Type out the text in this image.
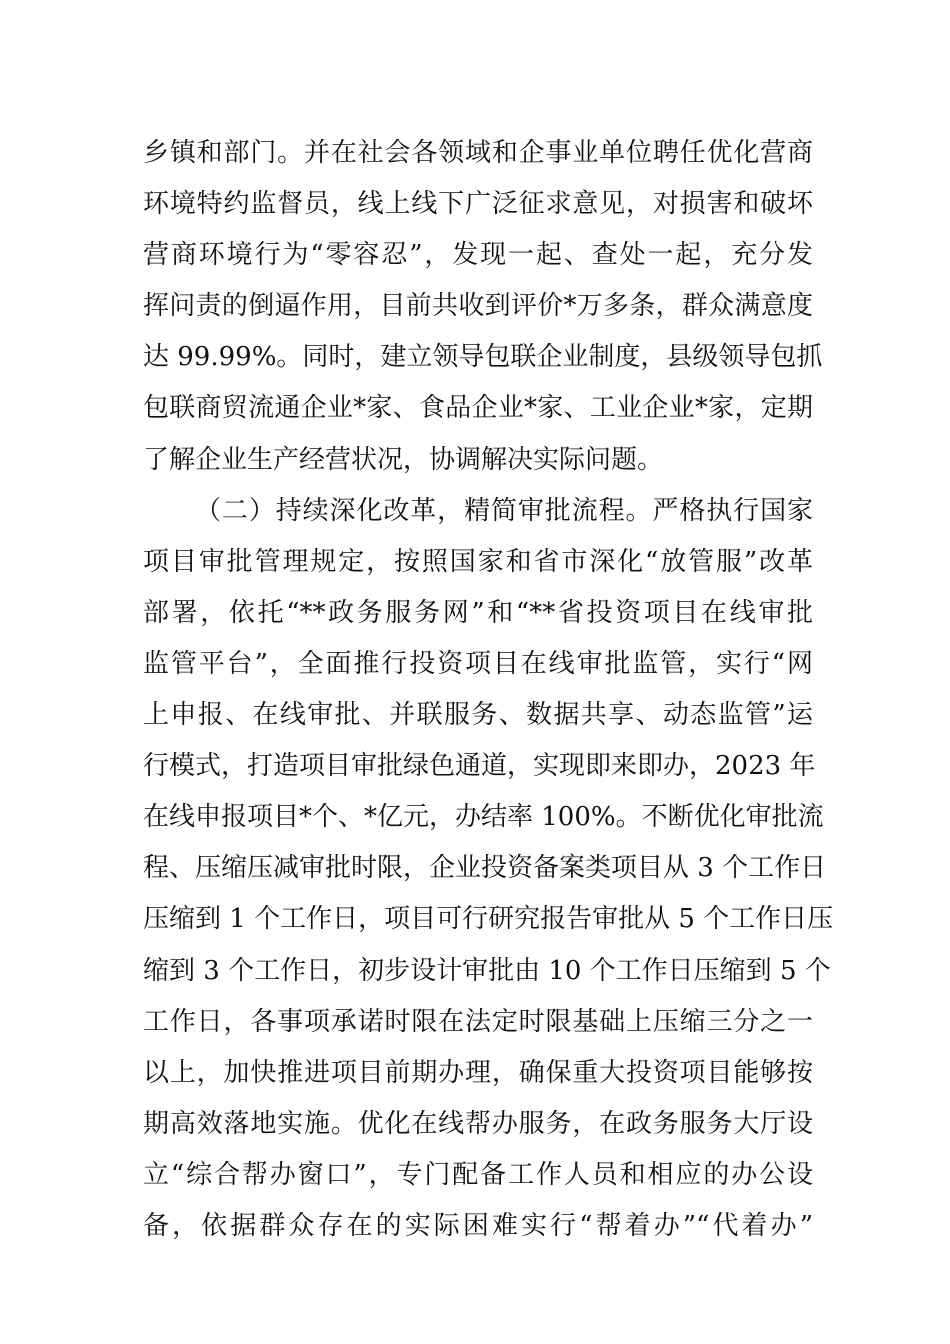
乡镇和部门。并在社会各领域和企事业单位聘任优化营商
环境特约监督员，线上线下广泛征求意见，对损害和破坏
营商环境行为“零容忍”，发现一起、查处一起，充分发
挥问责的倒逼作用，目前共收到评价*万多条，群众满意度
达 99.99%。同时，建立领导包联企业制度，县级领导包抓
包联商贸流通企业*家、食品企业*家、工业企业*家，定期
了解企业生产经营状况，协调解决实际问题。
（二）持续深化改革，精简审批流程。严格执行国家
项目审批管理规定，按照国家和省市深化“放管服”改革
部署，依托“**政务服务网”和“**省投资项目在线审批
监管平台”，全面推行投资项目在线审批监管，实行“网
上申报、在线审批、并联服务、数据共享、动态监管”运
行模式，打造项目审批绿色通道，实现即来即办，2023 年
在线申报项目*个、*亿元，办结率 100%。不断优化审批流
程、压缩压减审批时限，企业投资备案类项目从 3 个工作日
压缩到 1 个工作日，项目可行研究报告审批从 5 个工作日压
缩到 3 个工作日，初步设计审批由 10 个工作日压缩到 5 个
工作日，各事项承诺时限在法定时限基础上压缩三分之一
以上，加快推进项目前期办理，确保重大投资项目能够按
期高效落地实施。优化在线帮办服务，在政务服务大厅设
立“综合帮办窗口”，专门配备工作人员和相应的办公设
备，依据群众存在的实际困难实行“帮着办”“代着办”
